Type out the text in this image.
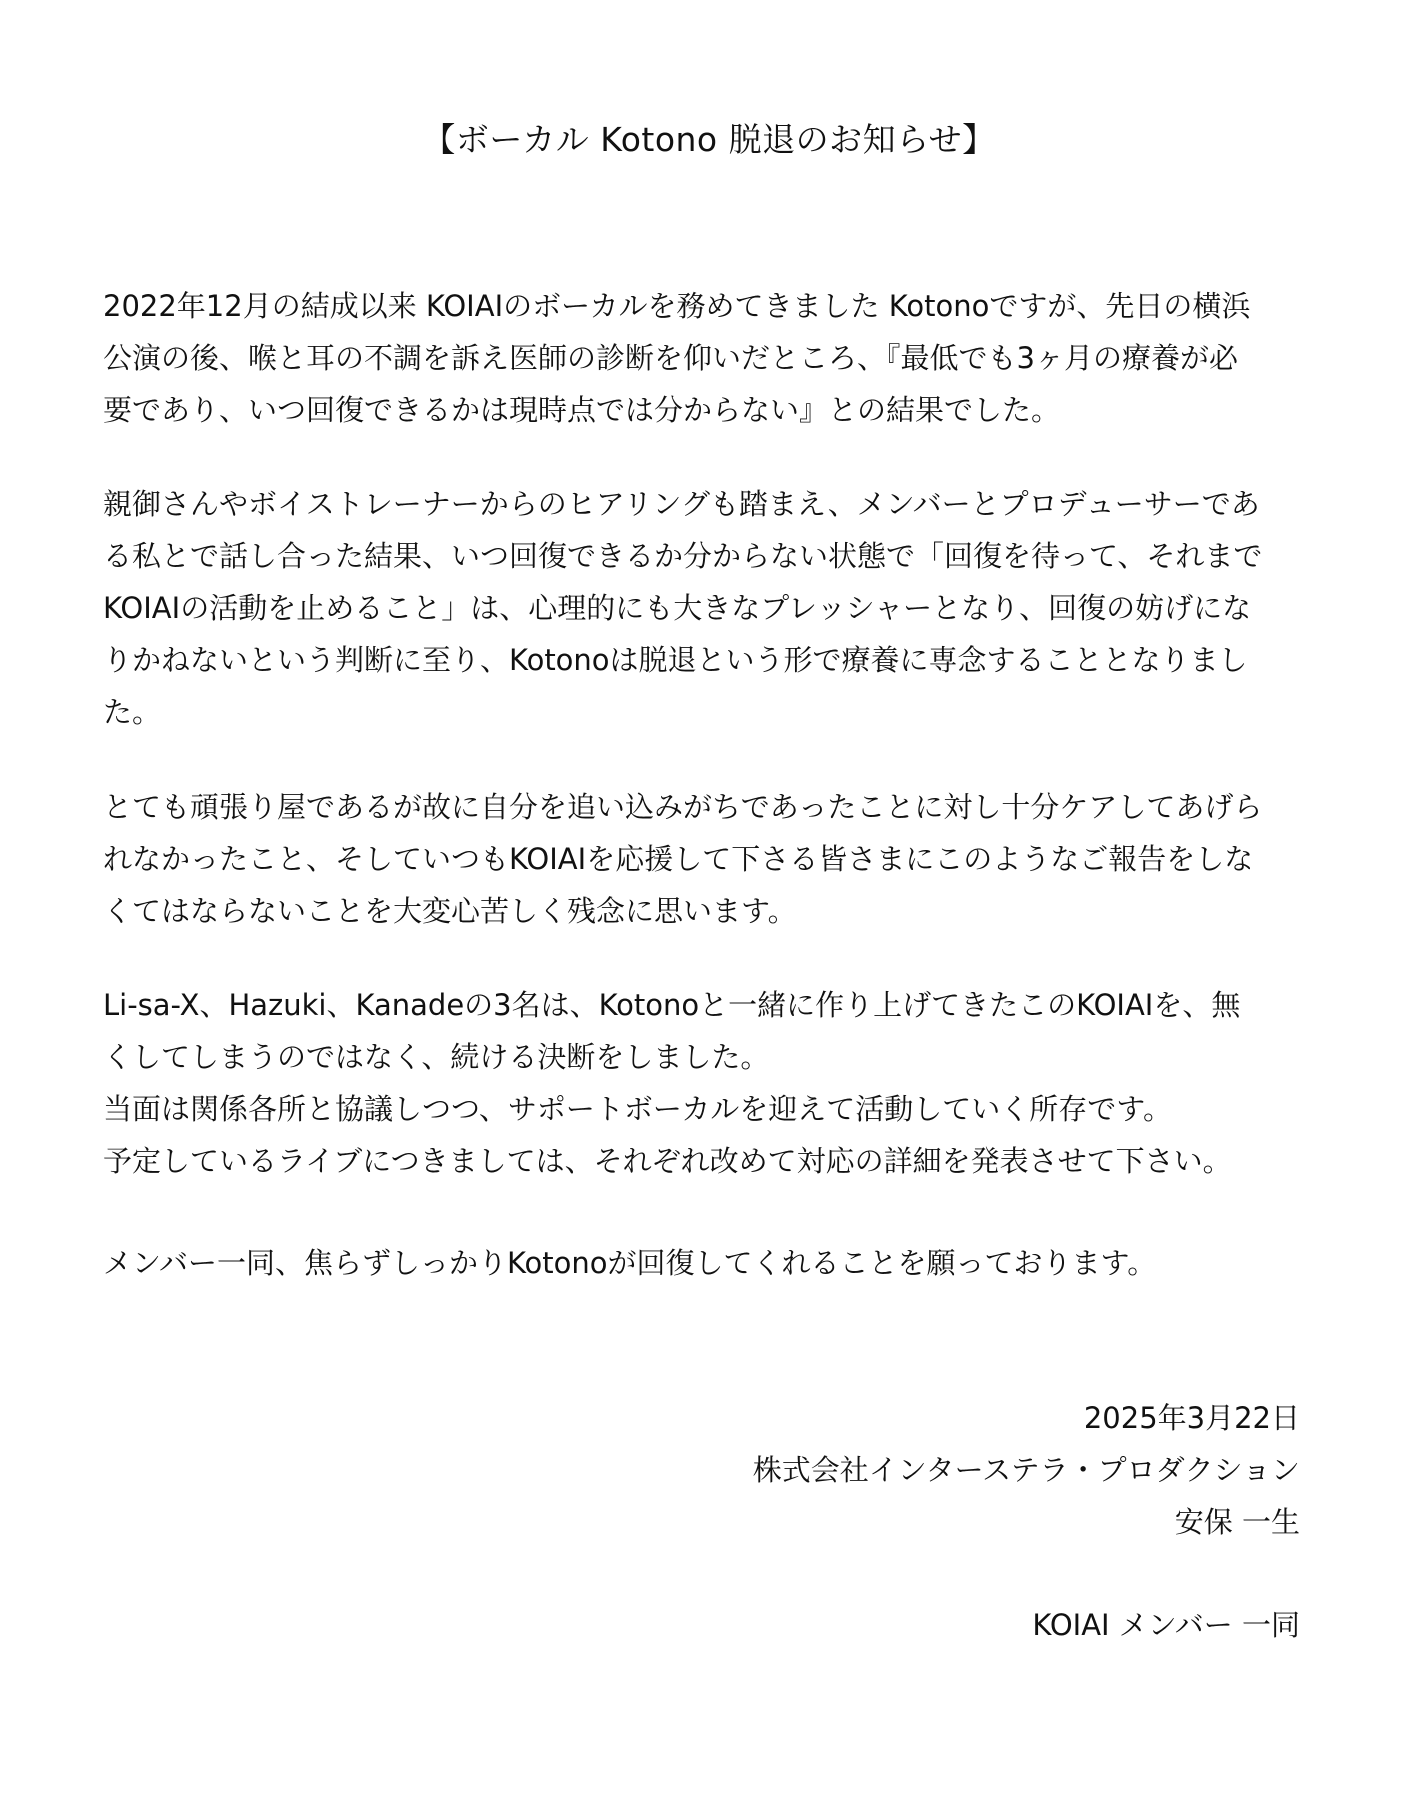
【ボーカル Kotono 脱退のお知らせ】
2022年12月の結成以来 KOIAIのボーカルを務めてきました Kotonoですが、先日の横浜
公演の後、喉と耳の不調を訴え医師の診断を仰いだところ、『最低でも3ヶ月の療養が必
要であり、いつ回復できるかは現時点では分からない』との結果でした。
親御さんやボイストレーナーからのヒアリングも踏まえ、メンバーとプロデューサーであ
る私とで話し合った結果、いつ回復できるか分からない状態で「回復を待って、それまで
KOIAIの活動を止めること」は、心理的にも大きなプレッシャーとなり、回復の妨げにな
りかねないという判断に至り、Kotonoは脱退という形で療養に専念することとなりまし
た。
とても頑張り屋であるが故に自分を追い込みがちであったことに対し十分ケアしてあげら
れなかったこと、そしていつもKOIAIを応援して下さる皆さまにこのようなご報告をしな
くてはならないことを大変心苦しく残念に思います。
Li-sa-X、Hazuki、Kanadeの3名は、Kotonoと一緒に作り上げてきたこのKOIAIを、無
くしてしまうのではなく、続ける決断をしました。
当面は関係各所と協議しつつ、サポートボーカルを迎えて活動していく所存です。
予定しているライブにつきましては、それぞれ改めて対応の詳細を発表させて下さい。
メンバー一同、焦らずしっかりKotonoが回復してくれることを願っております。
2025年3月22日
株式会社インターステラ・プロダクション
安保 一生
KOIAI メンバー 一同
